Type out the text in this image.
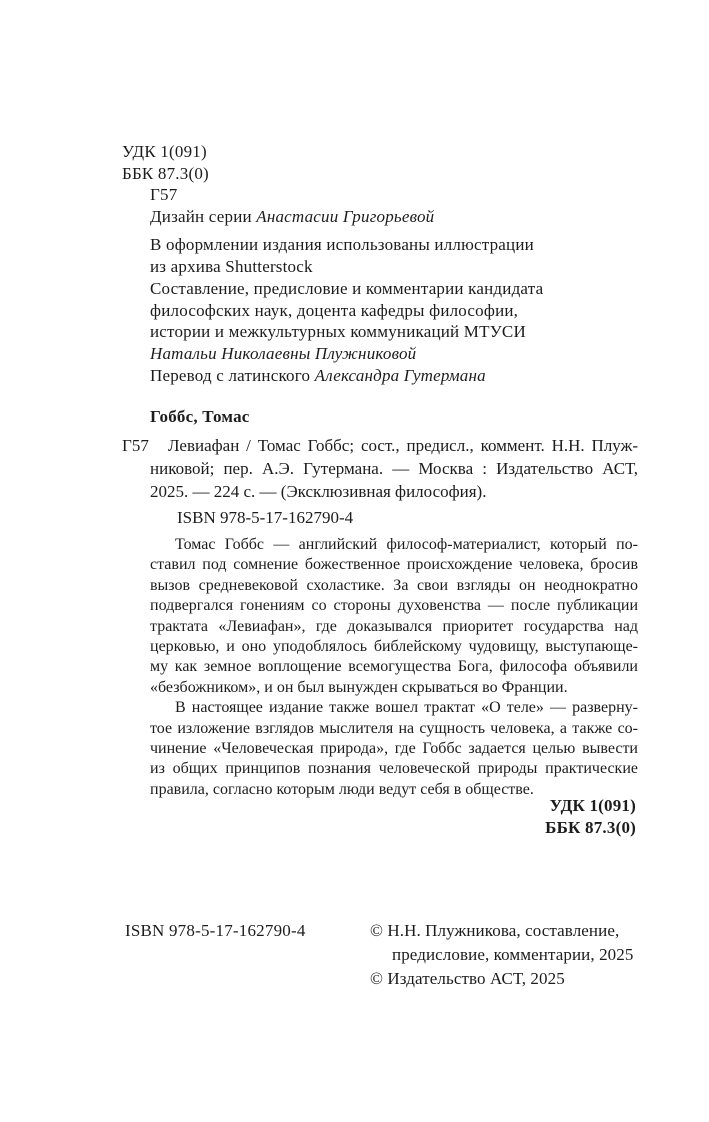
УДК 1(091)
ББК 87.3(0)
Г57
Дизайн серии Анастасии Григорьевой
В оформлении издания использованы иллюстрации
из архива Shutterstock
Составление, предисловие и комментарии кандидата
философских наук, доцента кафедры философии,
истории и межкультурных коммуникаций МТУСИ
Натальи Николаевны Плужниковой
Перевод с латинского Александра Гутермана
Гоббс, Томас
Г57	Левиафан / Томас Гоббс; сост., предисл., коммент. Н.Н. Плуж-
никовой; пер. А.Э. Гутермана. — Москва : Издательство АСТ,
2025. — 224 с. — (Эксклюзивная философия).
ISBN 978-5-17-162790-4
Томас Гоббс — английский философ-материалист, который по-
ставил под сомнение божественное происхождение человека, бросив
вызов средневековой схоластике. За свои взгляды он неоднократно
подвергался гонениям со стороны духовенства — после публикации
трактата «Левиафан», где доказывался приоритет государства над
церковью, и оно уподоблялось библейскому чудовищу, выступающе-
му как земное воплощение всемогущества Бога, философа объявили
«безбожником», и он был вынужден скрываться во Франции.
В настоящее издание также вошел трактат «О теле» — разверну-
тое изложение взглядов мыслителя на сущность человека, а также со-
чинение «Человеческая природа», где Гоббс задается целью вывести
из общих принципов познания человеческой природы практические
правила, согласно которым люди ведут себя в обществе.
УДК 1(091)
ББК 87.3(0)
ISBN 978-5-17-162790-4	© Н.Н. Плужникова, составление,
предисловие, комментарии, 2025
© Издательство АСТ, 2025
